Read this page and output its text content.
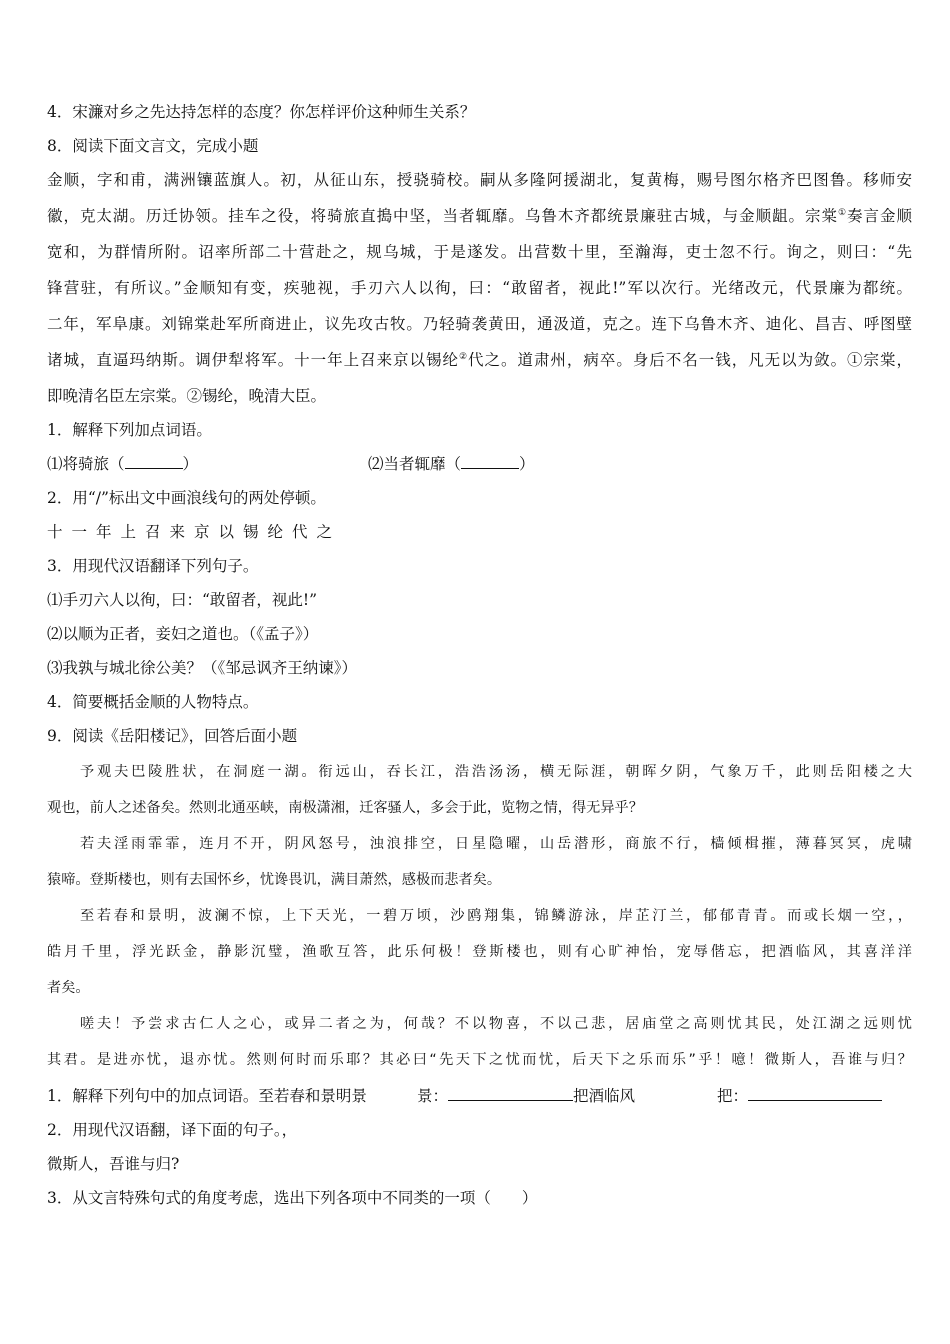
4．宋濂对乡之先达持怎样的态度？你怎样评价这种师生关系？
8．阅读下面文言文，完成小题
金顺，字和甫，满洲镶蓝旗人。初，从征山东，授骁骑校。嗣从多隆阿援湖北，复黄梅，赐号图尔格齐巴图鲁。移师安
徽，克太湖。历迁协领。挂车之役，将骑旅直搗中坚，当者辄靡。乌鲁木齐都统景廉驻古城，与金顺龃。宗棠①奏言金顺
宽和，为群情所附。诏率所部二十营赴之，规乌城，于是遂发。出营数十里，至瀚海，吏士忽不行。询之，则曰：“先
锋营驻，有所议。”金顺知有变，疾驰视，手刃六人以徇，曰：“敢留者，视此!”军以次行。光绪改元，代景廉为都统。
二年，军阜康。刘锦棠赴军所商进止，议先攻古牧。乃轻骑袭黄田，通汲道，克之。连下乌鲁木齐、迪化、昌吉、呼图壁
诸城，直逼玛纳斯。调伊犁将军。十一年上召来京以锡纶②代之。道肃州，病卒。身后不名一钱，凡无以为敛。①宗棠，
即晚清名臣左宗棠。②锡纶，晚清大臣。
1．解释下列加点词语。
⑴将骑旅（	）	⑵当者辄靡（	）
2．用“/”标出文中画浪线句的两处停顿。
十一年上召来京以锡纶代之
3．用现代汉语翻译下列句子。
⑴手刃六人以徇，曰：“敢留者，视此!”
⑵以顺为正者，妾妇之道也。（《孟子》）
⑶我孰与城北徐公美？（《邹忌讽齐王纳谏》）
4．简要概括金顺的人物特点。
9．阅读《岳阳楼记》，回答后面小题
予观夫巴陵胜状，在洞庭一湖。衔远山，吞长江，浩浩汤汤，横无际涯，朝晖夕阴，气象万千，此则岳阳楼之大
观也，前人之述备矣。然则北通巫峡，南极潇湘，迁客骚人，多会于此，览物之情，得无异乎？
若夫淫雨霏霏，连月不开，阴风怒号，浊浪排空，日星隐曜，山岳潜形，商旅不行，樯倾楫摧，薄暮冥冥，虎啸
猿啼。登斯楼也，则有去国怀乡，忧谗畏讥，满目萧然，感极而悲者矣。
至若春和景明，波澜不惊，上下天光，一碧万顷，沙鸥翔集，锦鳞游泳，岸芷汀兰，郁郁青青。而或长烟一空，，
皓月千里，浮光跃金，静影沉璧，渔歌互答，此乐何极！登斯楼也，则有心旷神怡，宠辱偕忘，把酒临风，其喜洋洋
者矣。
嗟夫！予尝求古仁人之心，或异二者之为，何哉？不以物喜，不以己悲，居庙堂之高则忧其民，处江湖之远则忧
其君。是进亦忧，退亦忧。然则何时而乐耶？其必曰“先天下之忧而忧，后天下之乐而乐”乎！噫！微斯人，吾谁与归？
1．解释下列句中的加点词语。至若春和景明景	景：	把酒临风	把：
2．用现代汉语翻，译下面的句子。，
微斯人，吾谁与归?
3．从文言特殊句式的角度考虑，选出下列各项中不同类的一项（　　）
